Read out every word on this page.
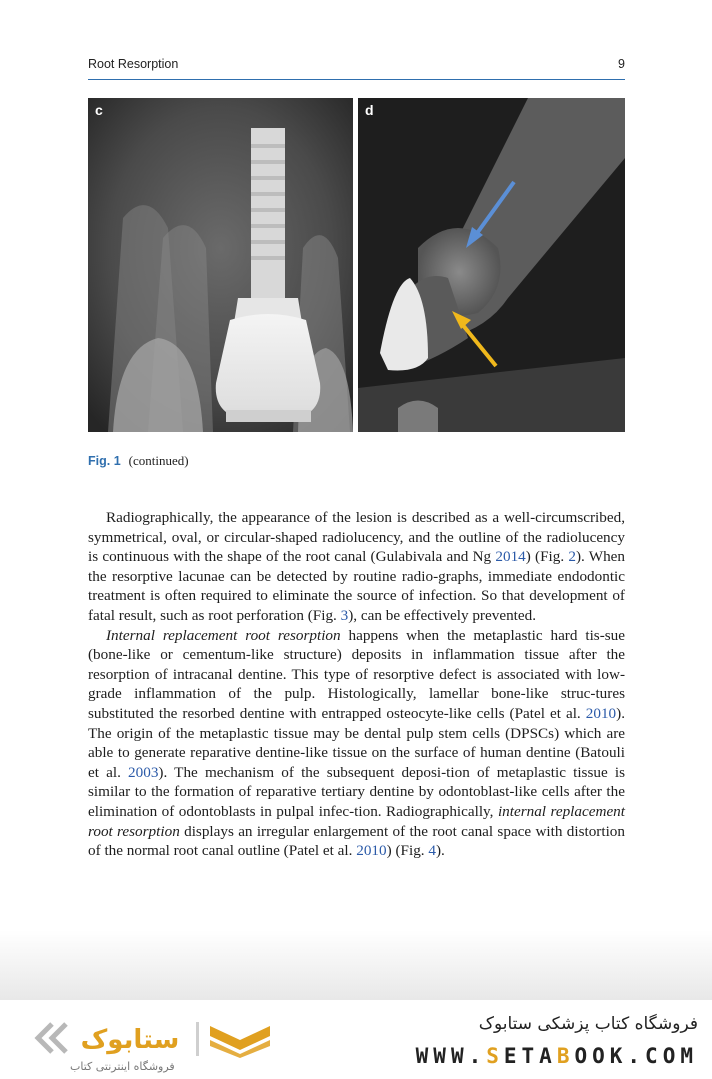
Root Resorption	9
c	d
Fig. 1 (continued)

Radiographically, the appearance of the lesion is described as a well-circumscribed, symmetrical, oval, or circular-shaped radiolucency, and the outline of the radiolucency is continuous with the shape of the root canal (Gulabivala and Ng 2014) (Fig. 2). When the resorptive lacunae can be detected by routine radio-graphs, immediate endodontic treatment is often required to eliminate the source of infection. So that development of fatal result, such as root perforation (Fig. 3), can be effectively prevented.

Internal replacement root resorption happens when the metaplastic hard tis-sue (bone-like or cementum-like structure) deposits in inflammation tissue after the resorption of intracanal dentine. This type of resorptive defect is associated with low-grade inflammation of the pulp. Histologically, lamellar bone-like struc-tures substituted the resorbed dentine with entrapped osteocyte-like cells (Patel et al. 2010). The origin of the metaplastic tissue may be dental pulp stem cells (DPSCs) which are able to generate reparative dentine-like tissue on the surface of human dentine (Batouli et al. 2003). The mechanism of the subsequent deposi-tion of metaplastic tissue is similar to the formation of reparative tertiary dentine by odontoblast-like cells after the elimination of odontoblasts in pulpal infec-tion. Radiographically, internal replacement root resorption displays an irregular enlargement of the root canal space with distortion of the normal root canal outline (Patel et al. 2010) (Fig. 4).

ستابوک
فروشگاه اینترنتی کتاب
فروشگاه کتاب پزشکی ستابوک
WWW.SETABOOK.COM
